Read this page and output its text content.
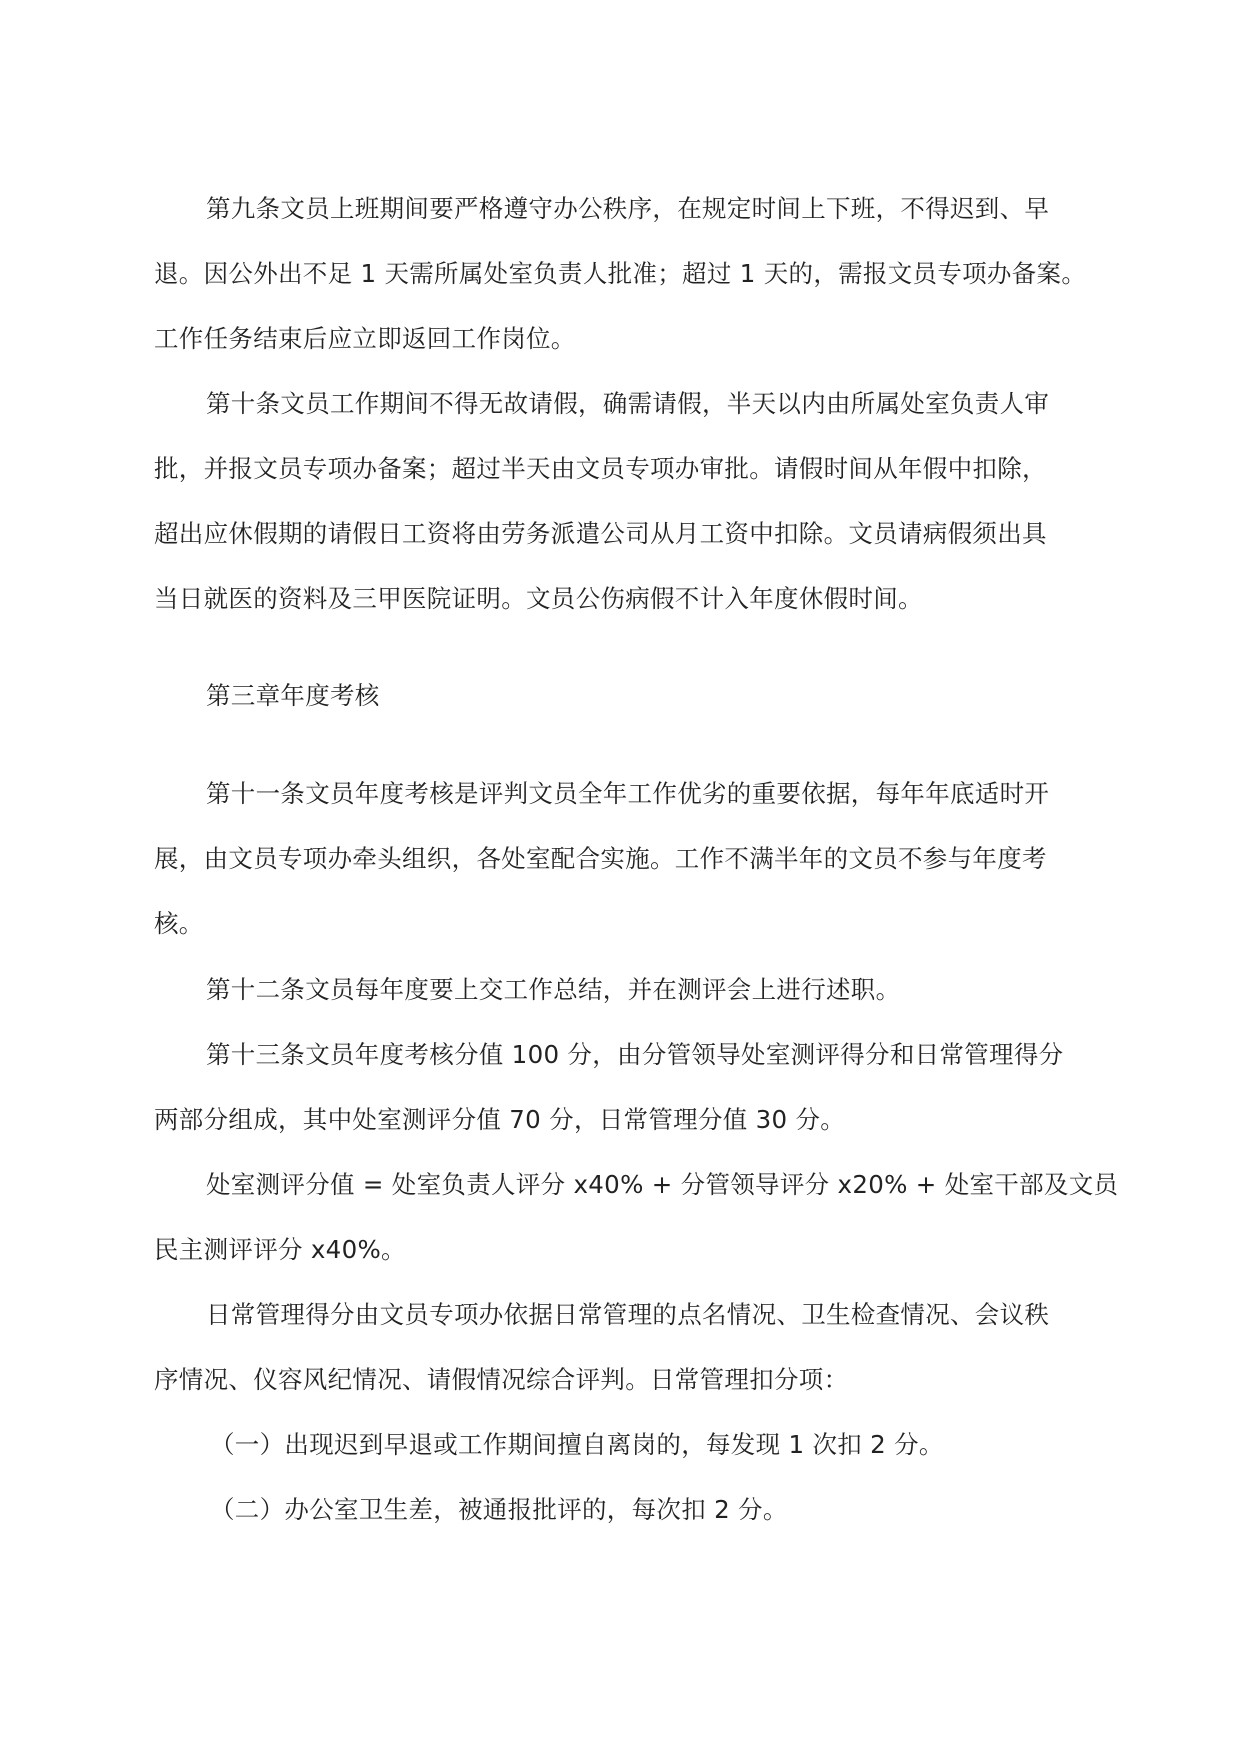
第九条文员上班期间要严格遵守办公秩序，在规定时间上下班，不得迟到、早
退。因公外出不足 1 天需所属处室负责人批准；超过 1 天的，需报文员专项办备案。
工作任务结束后应立即返回工作岗位。
第十条文员工作期间不得无故请假，确需请假，半天以内由所属处室负责人审
批，并报文员专项办备案；超过半天由文员专项办审批。请假时间从年假中扣除，
超出应休假期的请假日工资将由劳务派遣公司从月工资中扣除。文员请病假须出具
当日就医的资料及三甲医院证明。文员公伤病假不计入年度休假时间。
第三章年度考核
第十一条文员年度考核是评判文员全年工作优劣的重要依据，每年年底适时开
展，由文员专项办牵头组织，各处室配合实施。工作不满半年的文员不参与年度考
核。
第十二条文员每年度要上交工作总结，并在测评会上进行述职。
第十三条文员年度考核分值 100 分，由分管领导处室测评得分和日常管理得分
两部分组成，其中处室测评分值 70 分，日常管理分值 30 分。
处室测评分值 = 处室负责人评分 x40% + 分管领导评分 x20% + 处室干部及文员
民主测评评分 x40%。
日常管理得分由文员专项办依据日常管理的点名情况、卫生检查情况、会议秩
序情况、仪容风纪情况、请假情况综合评判。日常管理扣分项：
（一）出现迟到早退或工作期间擅自离岗的，每发现 1 次扣 2 分。
（二）办公室卫生差，被通报批评的，每次扣 2 分。
